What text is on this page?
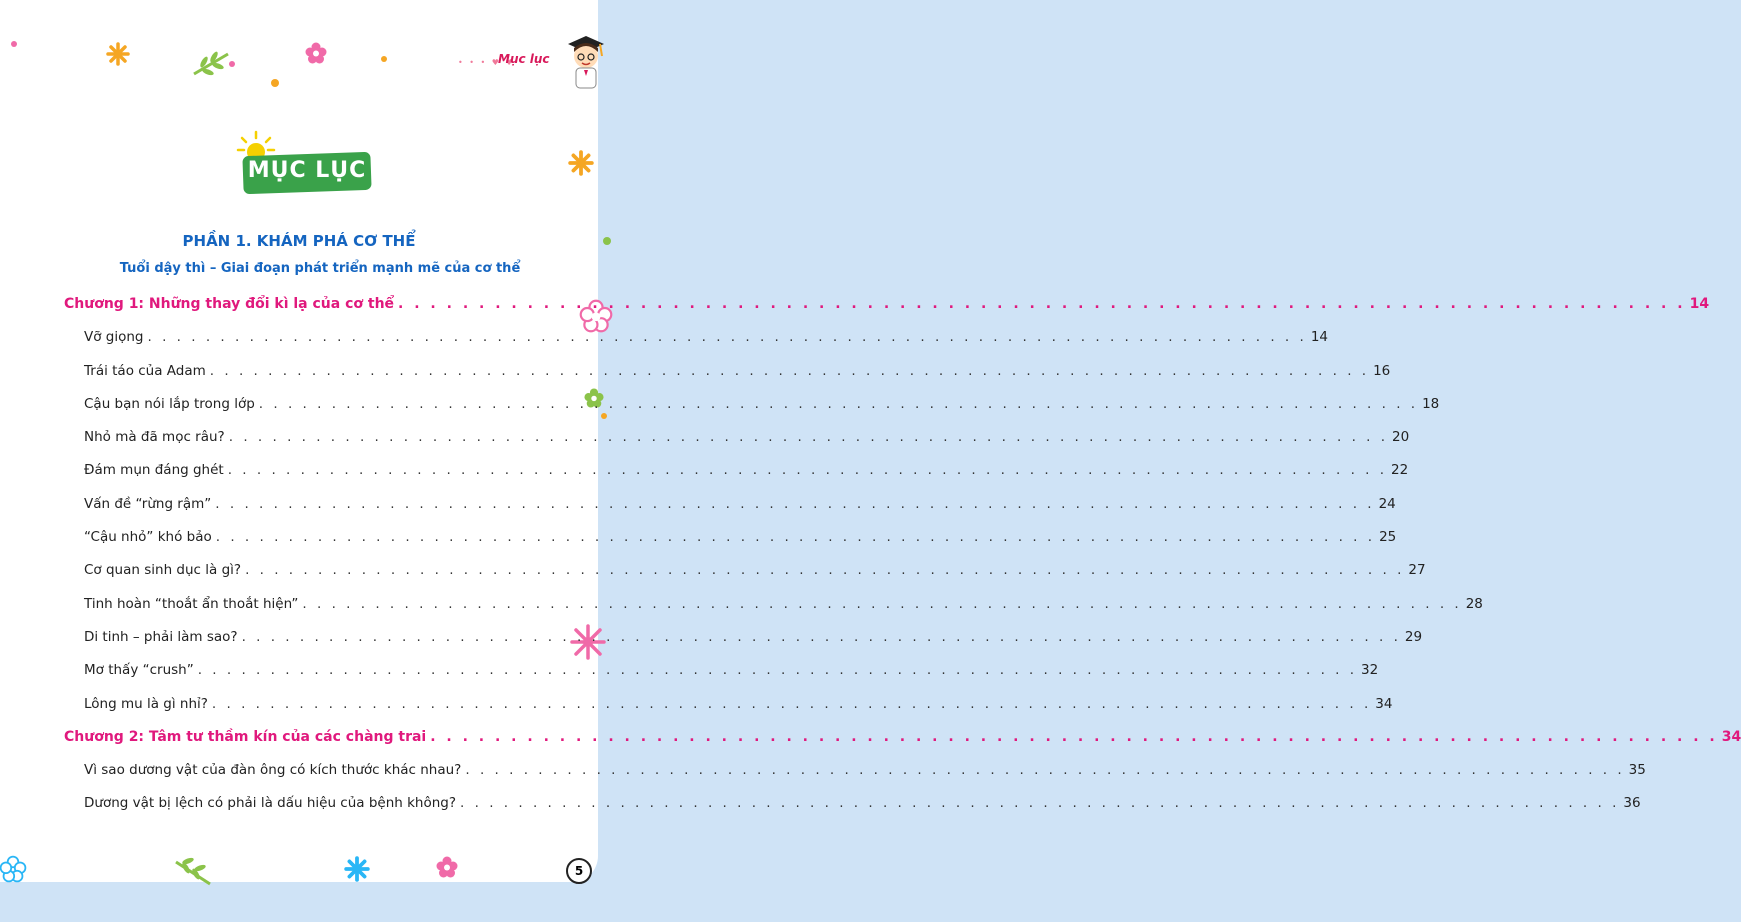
• • • ♥ ♥
Mục lục
MỤC LỤC
PHẦN 1. KHÁM PHÁ CƠ THỂ
Tuổi dậy thì – Giai đoạn phát triển mạnh mẽ của cơ thể
Chương 1: Những thay đổi kì lạ của cơ thể . . . . . . . . . . . . . . . . . . . . . . . . . . . . . . . . . . . . . . . . . . . . . . . . . . . . . . . . . . . . . . . . . . . . . . . . . . . . . . . . 14
Vỡ giọng . . . . . . . . . . . . . . . . . . . . . . . . . . . . . . . . . . . . . . . . . . . . . . . . . . . . . . . . . . . . . . . . . . . . . . . . . . . . . . . . 14
Trái táo của Adam . . . . . . . . . . . . . . . . . . . . . . . . . . . . . . . . . . . . . . . . . . . . . . . . . . . . . . . . . . . . . . . . . . . . . . . . . . . . . . . . 16
Cậu bạn nói lắp trong lớp . . . . . . . . . . . . . . . . . . . . . . . . . . . . . . . . . . . . . . . . . . . . . . . . . . . . . . . . . . . . . . . . . . . . . . . . . . . . . . . . 18
Nhỏ mà đã mọc râu? . . . . . . . . . . . . . . . . . . . . . . . . . . . . . . . . . . . . . . . . . . . . . . . . . . . . . . . . . . . . . . . . . . . . . . . . . . . . . . . . 20
Đám mụn đáng ghét . . . . . . . . . . . . . . . . . . . . . . . . . . . . . . . . . . . . . . . . . . . . . . . . . . . . . . . . . . . . . . . . . . . . . . . . . . . . . . . . 22
Vấn đề “rừng rậm” . . . . . . . . . . . . . . . . . . . . . . . . . . . . . . . . . . . . . . . . . . . . . . . . . . . . . . . . . . . . . . . . . . . . . . . . . . . . . . . . 24
“Cậu nhỏ” khó bảo . . . . . . . . . . . . . . . . . . . . . . . . . . . . . . . . . . . . . . . . . . . . . . . . . . . . . . . . . . . . . . . . . . . . . . . . . . . . . . . . 25
Cơ quan sinh dục là gì? . . . . . . . . . . . . . . . . . . . . . . . . . . . . . . . . . . . . . . . . . . . . . . . . . . . . . . . . . . . . . . . . . . . . . . . . . . . . . . . . 27
Tinh hoàn “thoắt ẩn thoắt hiện” . . . . . . . . . . . . . . . . . . . . . . . . . . . . . . . . . . . . . . . . . . . . . . . . . . . . . . . . . . . . . . . . . . . . . . . . . . . . . . . . 28
Di tinh – phải làm sao? . . . . . . . . . . . . . . . . . . . . . . . . . . . . . . . . . . . . . . . . . . . . . . . . . . . . . . . . . . . . . . . . . . . . . . . . . . . . . . . . 29
Mơ thấy “crush” . . . . . . . . . . . . . . . . . . . . . . . . . . . . . . . . . . . . . . . . . . . . . . . . . . . . . . . . . . . . . . . . . . . . . . . . . . . . . . . . 32
Lông mu là gì nhỉ? . . . . . . . . . . . . . . . . . . . . . . . . . . . . . . . . . . . . . . . . . . . . . . . . . . . . . . . . . . . . . . . . . . . . . . . . . . . . . . . . 34
Chương 2: Tâm tư thầm kín của các chàng trai . . . . . . . . . . . . . . . . . . . . . . . . . . . . . . . . . . . . . . . . . . . . . . . . . . . . . . . . . . . . . . . . . . . . . . . . . . . . . . . . 34
Vì sao dương vật của đàn ông có kích thước khác nhau? . . . . . . . . . . . . . . . . . . . . . . . . . . . . . . . . . . . . . . . . . . . . . . . . . . . . . . . . . . . . . . . . . . . . . . . . . . . . . . . . 35
Dương vật bị lệch có phải là dấu hiệu của bệnh không? . . . . . . . . . . . . . . . . . . . . . . . . . . . . . . . . . . . . . . . . . . . . . . . . . . . . . . . . . . . . . . . . . . . . . . . . . . . . . . . . 36
5
